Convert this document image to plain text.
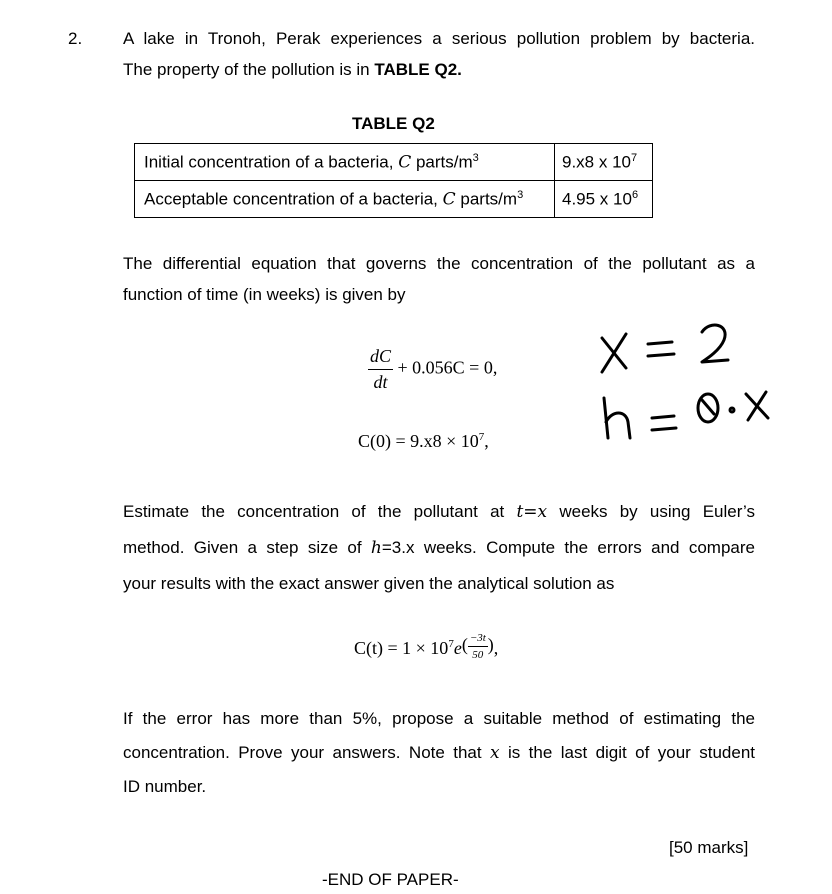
2. A lake in Tronoh, Perak experiences a serious pollution problem by bacteria.
The property of the pollution is in TABLE Q2.
TABLE Q2
Initial concentration of a bacteria, C parts/$m^3$	9.x8 x $10^7$
Acceptable concentration of a bacteria, C parts/$m^3$	4.95 x $10^6$
The differential equation that governs the concentration of the pollutant as a
function of time (in weeks) is given by
$\frac{dC}{dt} + 0.056C = 0$,
$C(0) = 9.x8 \times 10^7$,
Estimate the concentration of the pollutant at t=x weeks by using Euler’s
method. Given a step size of h=3.x weeks. Compute the errors and compare
your results with the exact answer given the analytical solution as
$C(t) = 1 \times 10^7e( \frac{-3t}{50}$ ),
If the error has more than 5%, propose a suitable method of estimating the
concentration. Prove your answers. Note that x is the last digit of your student
ID number.
[50 marks]
-END OF PAPER-
